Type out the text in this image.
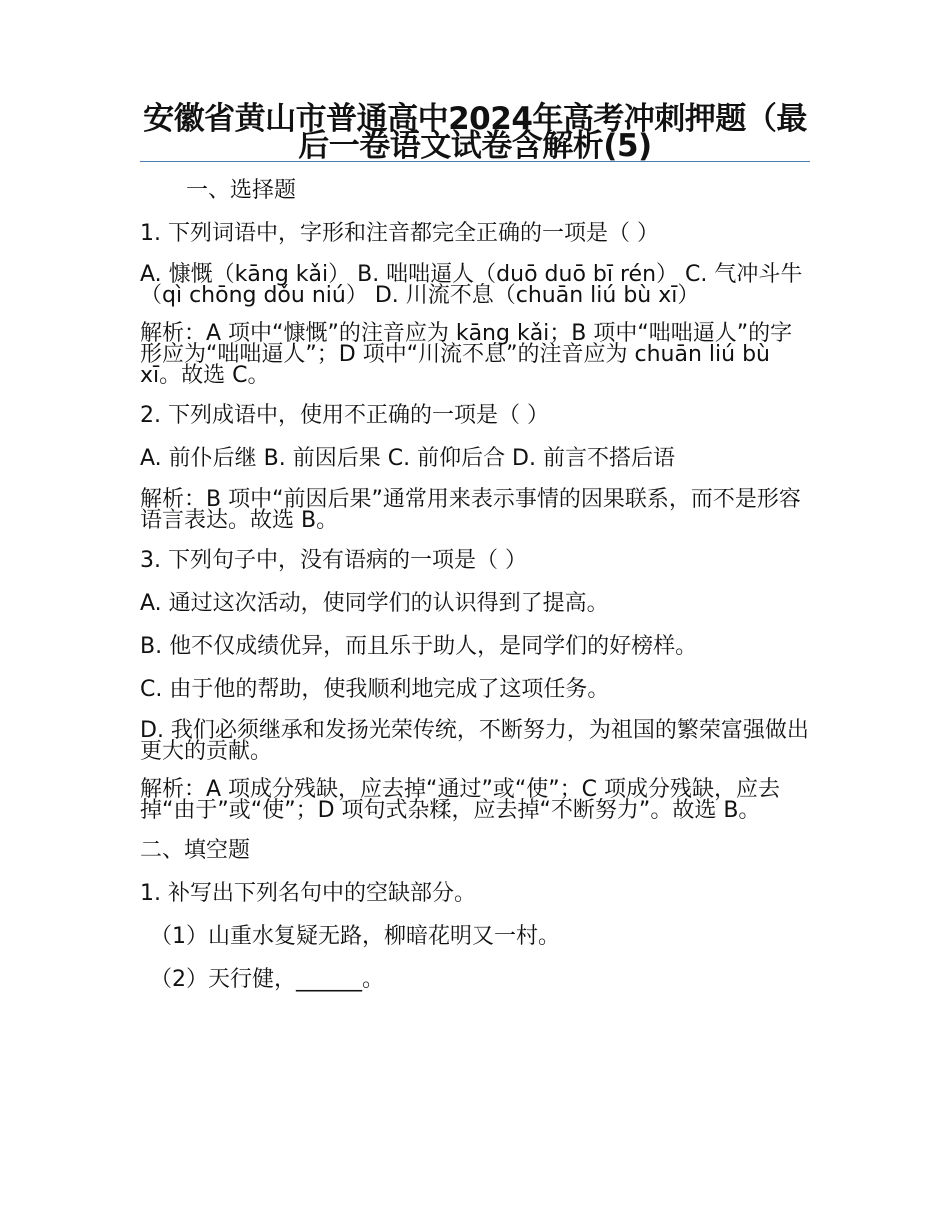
安徽省黄山市普通高中2024年高考冲刺押题（最后一卷语文试卷含解析(5)

一、选择题

1. 下列词语中，字形和注音都完全正确的一项是（ ）

A. 慷慨（kāng kǎi） B. 咄咄逼人（duō duō bī rén） C. 气冲斗牛（qì chōng dǒu niú） D. 川流不息（chuān liú bù xī）

解析：A 项中“慷慨”的注音应为 kāng kǎi；B 项中“咄咄逼人”的字形应为“咄咄逼人”；D 项中“川流不息”的注音应为 chuān liú bù xī。故选 C。

2. 下列成语中，使用不正确的一项是（ ）

A. 前仆后继 B. 前因后果 C. 前仰后合 D. 前言不搭后语

解析：B 项中“前因后果”通常用来表示事情的因果联系，而不是形容语言表达。故选 B。

3. 下列句子中，没有语病的一项是（ ）

A. 通过这次活动，使同学们的认识得到了提高。

B. 他不仅成绩优异，而且乐于助人，是同学们的好榜样。

C. 由于他的帮助，使我顺利地完成了这项任务。

D. 我们必须继承和发扬光荣传统，不断努力，为祖国的繁荣富强做出更大的贡献。

解析：A 项成分残缺，应去掉“通过”或“使”；C 项成分残缺，应去掉“由于”或“使”；D 项句式杂糅，应去掉“不断努力”。故选 B。

二、填空题

1. 补写出下列名句中的空缺部分。

（1）山重水复疑无路，柳暗花明又一村。

（2）天行健，______。
